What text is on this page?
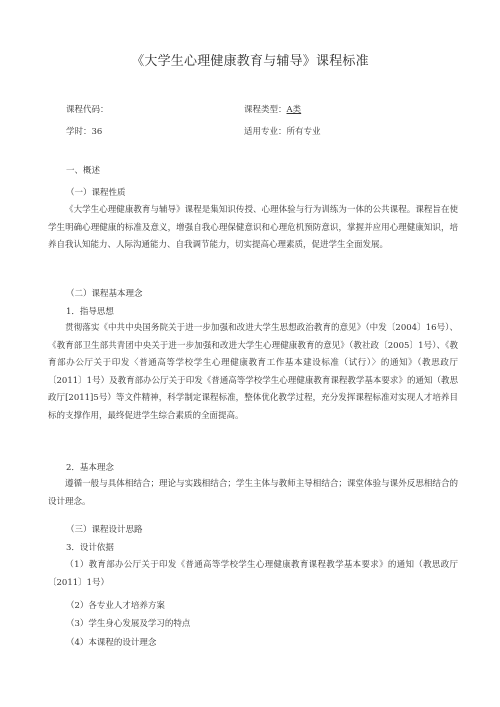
《大学生心理健康教育与辅导》课程标准
课程代码：	课程类型：A类
学时：36	适用专业：所有专业
一、概述
（一）课程性质
《大学生心理健康教育与辅导》课程是集知识传授、心理体验与行为训练为一体的公共课程。课程旨在使学生明确心理健康的标准及意义，增强自我心理保健意识和心理危机预防意识，掌握并应用心理健康知识，培养自我认知能力、人际沟通能力、自我调节能力，切实提高心理素质，促进学生全面发展。
（二）课程基本理念
1．指导思想
贯彻落实《中共中央国务院关于进一步加强和改进大学生思想政治教育的意见》（中发〔2004〕16号）、《教育部卫生部共青团中央关于进一步加强和改进大学生心理健康教育的意见》（教社政〔2005〕1号）、《教育部办公厅关于印发〈普通高等学校学生心理健康教育工作基本建设标准（试行）〉的通知》（教思政厅〔2011〕1号）及教育部办公厅关于印发《普通高等学校学生心理健康教育课程教学基本要求》的通知（教思政厅[2011]5号）等文件精神，科学制定课程标准，整体优化教学过程，充分发挥课程标准对实现人才培养目标的支撑作用，最终促进学生综合素质的全面提高。
2．基本理念
遵循一般与具体相结合；理论与实践相结合；学生主体与教师主导相结合；课堂体验与课外反思相结合的设计理念。
（三）课程设计思路
3．设计依据
（1）教育部办公厅关于印发《普通高等学校学生心理健康教育课程教学基本要求》的通知（教思政厅〔2011〕1号）
（2）各专业人才培养方案
（3）学生身心发展及学习的特点
（4）本课程的设计理念
